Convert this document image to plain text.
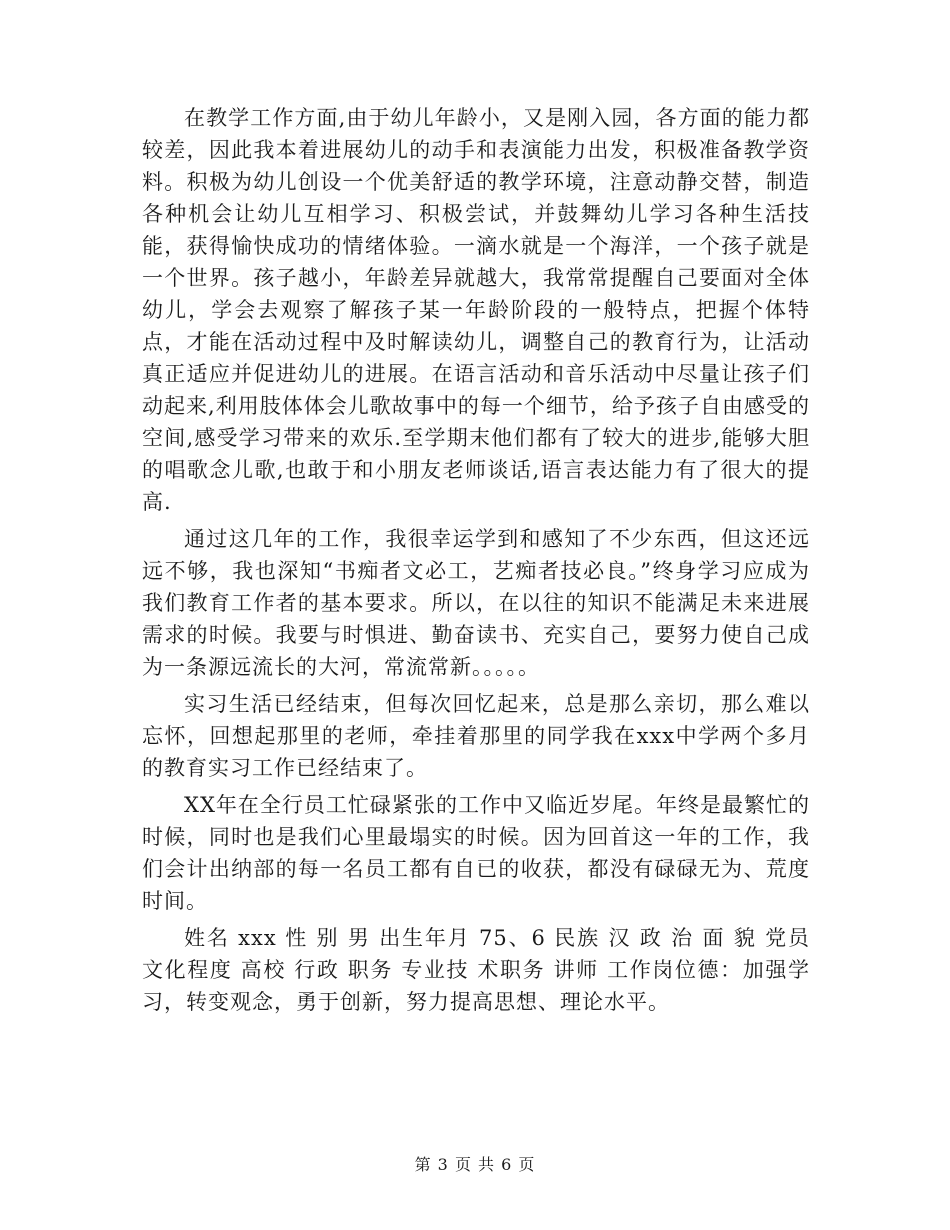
在教学工作方面,由于幼儿年龄小，又是刚入园，各方面的能力都较差，因此我本着进展幼儿的动手和表演能力出发，积极准备教学资料。积极为幼儿创设一个优美舒适的教学环境，注意动静交替，制造各种机会让幼儿互相学习、积极尝试，并鼓舞幼儿学习各种生活技能，获得愉快成功的情绪体验。一滴水就是一个海洋，一个孩子就是一个世界。孩子越小，年龄差异就越大，我常常提醒自己要面对全体幼儿，学会去观察了解孩子某一年龄阶段的一般特点，把握个体特点，才能在活动过程中及时解读幼儿，调整自己的教育行为，让活动真正适应并促进幼儿的进展。在语言活动和音乐活动中尽量让孩子们动起来,利用肢体体会儿歌故事中的每一个细节，给予孩子自由感受的空间,感受学习带来的欢乐.至学期末他们都有了较大的进步,能够大胆的唱歌念儿歌,也敢于和小朋友老师谈话,语言表达能力有了很大的提高.

通过这几年的工作，我很幸运学到和感知了不少东西，但这还远远不够，我也深知“书痴者文必工，艺痴者技必良。”终身学习应成为我们教育工作者的基本要求。所以，在以往的知识不能满足未来进展需求的时候。我要与时惧进、勤奋读书、充实自己，要努力使自己成为一条源远流长的大河，常流常新。。。。。

实习生活已经结束，但每次回忆起来，总是那么亲切，那么难以忘怀，回想起那里的老师，牵挂着那里的同学我在xxx中学两个多月的教育实习工作已经结束了。

XX年在全行员工忙碌紧张的工作中又临近岁尾。年终是最繁忙的时候，同时也是我们心里最塌实的时候。因为回首这一年的工作，我们会计出纳部的每一名员工都有自已的收获，都没有碌碌无为、荒度时间。

姓名 xxx 性 别 男 出生年月 75、6 民族 汉 政 治 面 貌 党员 文化程度 高校 行政 职务 专业技 术职务 讲师 工作岗位德：加强学习，转变观念，勇于创新，努力提高思想、理论水平。

第 3 页 共 6 页
